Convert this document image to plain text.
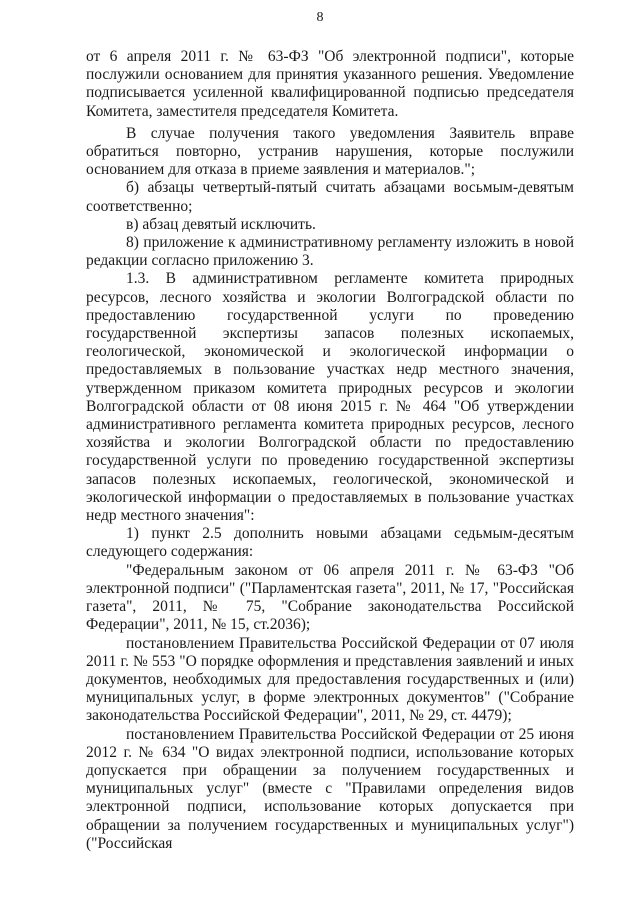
8

от 6 апреля 2011 г. № 63-ФЗ "Об электронной подписи", которые послужили основанием для принятия указанного решения. Уведомление подписывается усиленной квалифицированной подписью председателя Комитета, заместителя председателя Комитета.

В случае получения такого уведомления Заявитель вправе обратиться повторно, устранив нарушения, которые послужили основанием для отказа в приеме заявления и материалов.";

б) абзацы четвертый-пятый считать абзацами восьмым-девятым соответственно;

в) абзац девятый исключить.

8) приложение к административному регламенту изложить в новой редакции согласно приложению 3.

1.3. В административном регламенте комитета природных ресурсов, лесного хозяйства и экологии Волгоградской области по предоставлению государственной услуги по проведению государственной экспертизы запасов полезных ископаемых, геологической, экономической и экологической информации о предоставляемых в пользование участках недр местного значения, утвержденном приказом комитета природных ресурсов и экологии Волгоградской области от 08 июня 2015 г. № 464 "Об утверждении административного регламента комитета природных ресурсов, лесного хозяйства и экологии Волгоградской области по предоставлению государственной услуги по проведению государственной экспертизы запасов полезных ископаемых, геологической, экономической и экологической информации о предоставляемых в пользование участках недр местного значения":

1) пункт 2.5 дополнить новыми абзацами седьмым-десятым следующего содержания:

"Федеральным законом от 06 апреля 2011 г. № 63-ФЗ "Об электронной подписи" ("Парламентская газета", 2011, № 17, "Российская газета", 2011, № 75, "Собрание законодательства Российской Федерации", 2011, № 15, ст.2036);

постановлением Правительства Российской Федерации от 07 июля 2011 г. № 553 "О порядке оформления и представления заявлений и иных документов, необходимых для предоставления государственных и (или) муниципальных услуг, в форме электронных документов" ("Собрание законодательства Российской Федерации", 2011, № 29, ст. 4479);

постановлением Правительства Российской Федерации от 25 июня 2012 г. № 634 "О видах электронной подписи, использование которых допускается при обращении за получением государственных и муниципальных услуг" (вместе с "Правилами определения видов электронной подписи, использование которых допускается при обращении за получением государственных и муниципальных услуг") ("Российская
